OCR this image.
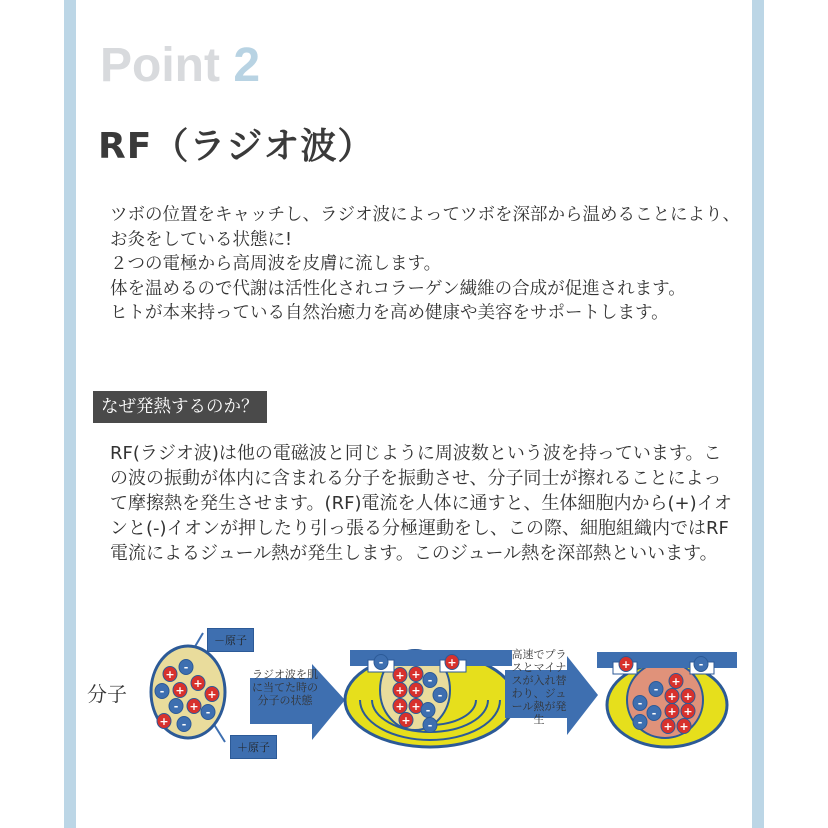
Point 2
RF（ラジオ波）

ツボの位置をキャッチし、ラジオ波によってツボを深部から温めることにより、お灸をしている状態に!

２つの電極から高周波を皮膚に流します。

体を温めるので代謝は活性化されコラーゲン繊維の合成が促進されます。

ヒトが本来持っている自然治癒力を高め健康や美容をサポートします。

なぜ発熱するのか？
RF(ラジオ波)は他の電磁波と同じように周波数という波を持っています。この波の振動が体内に含まれる分子を振動させ、分子同士が擦れることによって摩擦熱を発生させます。(RF)電流を人体に通すと、生体細胞内から(+)イオンと(-)イオンが押したり引っ張る分極運動をし、この際、細胞組織内ではRF電流によるジュール熱が発生します。このジュール熱を深部熱といいます。
分子
+
-
- +
+
+
- +
+
-
-
-	+
+ +
+ +
-
-
+ + -
+ -
+	-
+
-
+ +
-
+ +
-
+
-	+
－原子
＋原子
ラジオ波を肌に当てた時の分子の状態
高速でプラスとマイナスが入れ替わり、ジュール熱が発生
